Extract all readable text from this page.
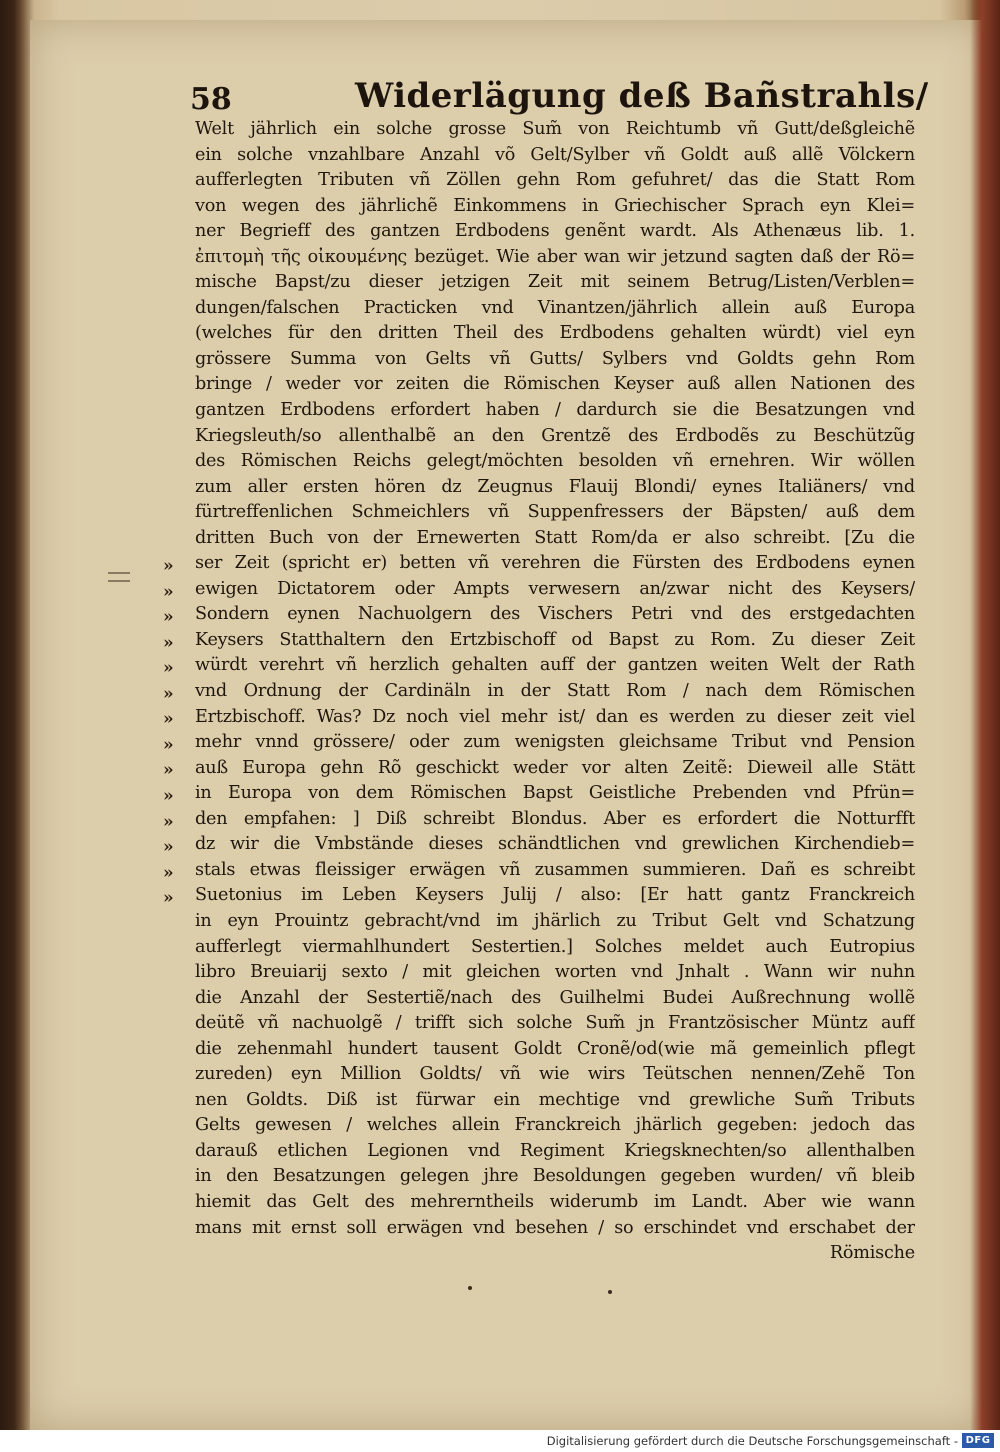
58	Widerlägung deß Bañstrahls/
»
»
»
»
»
»
»
»
»
»
»
»
»
»
Welt jährlich ein solche grosse Sum̃ von Reichtumb vñ Gutt/deßgleichẽ
ein solche vnzahlbare Anzahl võ Gelt/Sylber vñ Goldt auß allẽ Völckern
aufferlegten Tributen vñ Zöllen gehn Rom gefuhret/ das die Statt Rom
von wegen des jährlichẽ Einkommens in Griechischer Sprach eyn Klei=
ner Begrieff des gantzen Erdbodens genẽnt wardt. Als Athenæus lib. 1.
ἐπιτομὴ τῆς οἰκουμένης bezüget. Wie aber wan wir jetzund sagten daß der Rö=
mische Bapst/zu dieser jetzigen Zeit mit seinem Betrug/Listen/Verblen=
dungen/falschen Practicken vnd Vinantzen/jährlich allein auß Europa
(welches für den dritten Theil des Erdbodens gehalten würdt) viel eyn
grössere Summa von Gelts vñ Gutts/ Sylbers vnd Goldts gehn Rom
bringe / weder vor zeiten die Römischen Keyser auß allen Nationen des
gantzen Erdbodens erfordert haben / dardurch sie die Besatzungen vnd
Kriegsleuth/so allenthalbẽ an den Grentzẽ des Erdbodẽs zu Beschützũg
des Römischen Reichs gelegt/möchten besolden vñ ernehren. Wir wöllen
zum aller ersten hören dz Zeugnus Flauij Blondi/ eynes Italiäners/ vnd
fürtreffenlichen Schmeichlers vñ Suppenfressers der Bäpsten/ auß dem
dritten Buch von der Ernewerten Statt Rom/da er also schreibt. [Zu die
ser Zeit (spricht er) betten vñ verehren die Fürsten des Erdbodens eynen
ewigen Dictatorem oder Ampts verwesern an/zwar nicht des Keysers/
Sondern eynen Nachuolgern des Vischers Petri vnd des erstgedachten
Keysers Statthaltern den Ertzbischoff od Bapst zu Rom. Zu dieser Zeit
würdt verehrt vñ herzlich gehalten auff der gantzen weiten Welt der Rath
vnd Ordnung der Cardinäln in der Statt Rom / nach dem Römischen
Ertzbischoff. Was? Dz noch viel mehr ist/ dan es werden zu dieser zeit viel
mehr vnnd grössere/ oder zum wenigsten gleichsame Tribut vnd Pension
auß Europa gehn Rõ geschickt weder vor alten Zeitẽ: Dieweil alle Stätt
in Europa von dem Römischen Bapst Geistliche Prebenden vnd Pfrün=
den empfahen: ] Diß schreibt Blondus. Aber es erfordert die Notturfft
dz wir die Vmbstände dieses schändtlichen vnd grewlichen Kirchendieb=
stals etwas fleissiger erwägen vñ zusammen summieren. Dañ es schreibt
Suetonius im Leben Keysers Julij / also: [Er hatt gantz Franckreich
in eyn Prouintz gebracht/vnd im jhärlich zu Tribut Gelt vnd Schatzung
aufferlegt viermahlhundert Sestertien.] Solches meldet auch Eutropius
libro Breuiarij sexto / mit gleichen worten vnd Jnhalt . Wann wir nuhn
die Anzahl der Sestertiẽ/nach des Guilhelmi Budei Außrechnung wollẽ
deütẽ vñ nachuolgẽ / trifft sich solche Sum̃ jn Frantzösischer Müntz auff
die zehenmahl hundert tausent Goldt Cronẽ/od(wie mã gemeinlich pflegt
zureden) eyn Million Goldts/ vñ wie wirs Teütschen nennen/Zehẽ Ton
nen Goldts. Diß ist fürwar ein mechtige vnd grewliche Sum̃ Tributs
Gelts gewesen / welches allein Franckreich jhärlich gegeben: jedoch das
darauß etlichen Legionen vnd Regiment Kriegsknechten/so allenthalben
in den Besatzungen gelegen jhre Besoldungen gegeben wurden/ vñ bleib
hiemit das Gelt des mehrerntheils widerumb im Landt. Aber wie wann
mans mit ernst soll erwägen vnd besehen / so erschindet vnd erschabet der
Römische
Digitalisierung gefördert durch die Deutsche Forschungsgemeinschaft - DFG
